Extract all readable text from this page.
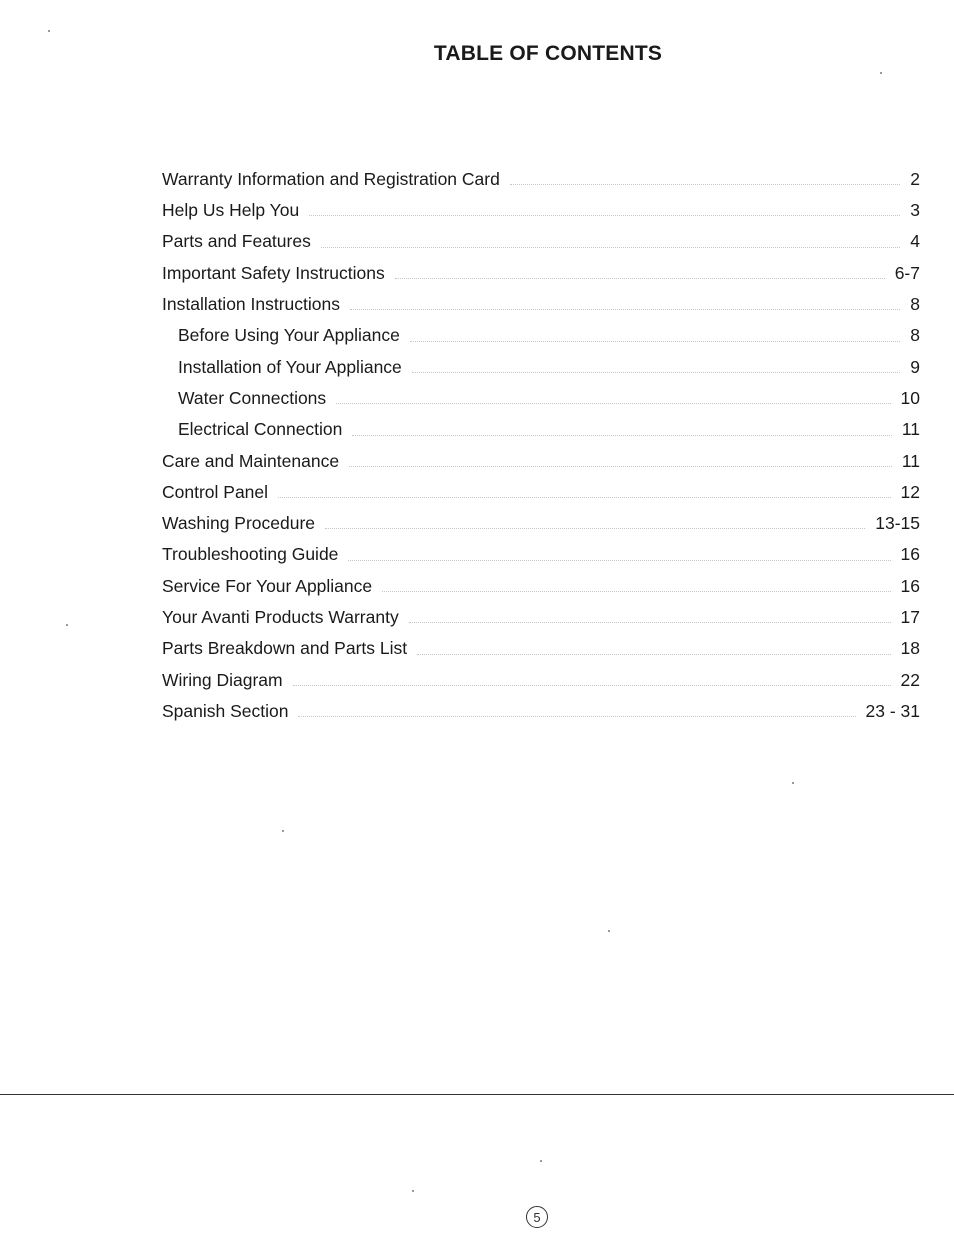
TABLE OF CONTENTS
Warranty Information and Registration Card	2
Help Us Help You	3
Parts and Features	4
Important Safety Instructions	6-7
Installation Instructions	8
Before Using Your Appliance	8
Installation of Your Appliance	9
Water Connections	10
Electrical Connection	11
Care and Maintenance	11
Control Panel	12
Washing Procedure	13-15
Troubleshooting Guide	16
Service For Your Appliance	16
Your Avanti Products Warranty	17
Parts Breakdown and Parts List	18
Wiring Diagram	22
Spanish Section	23 - 31
5
